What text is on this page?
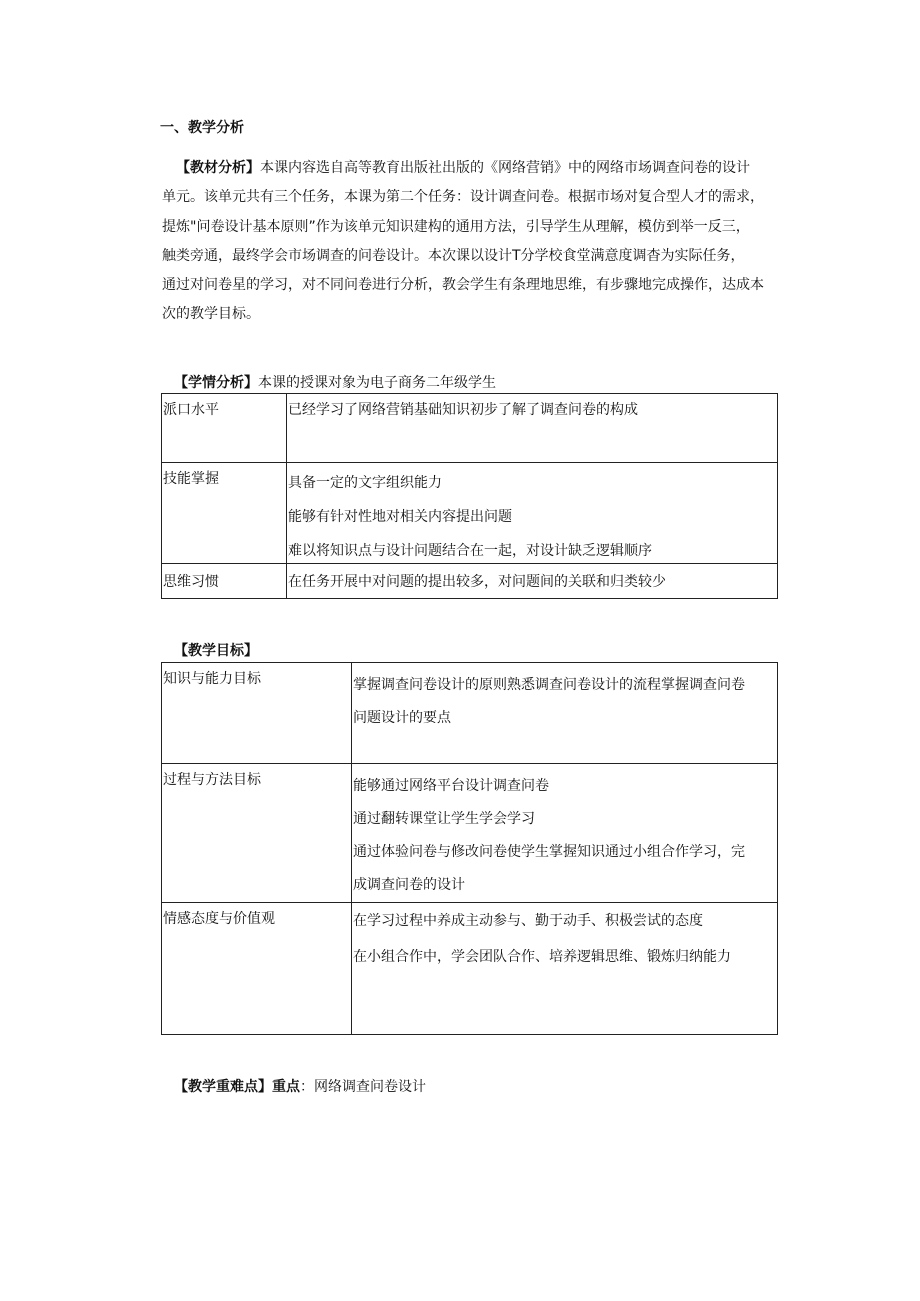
一、教学分析

【教材分析】本课内容选自高等教育出版社出版的《网络营销》中的网络市场调查问卷的设计

单元。该单元共有三个任务，本课为第二个任务：设计调查问卷。根据市场对复合型人才的需求，

提炼"问卷设计基本原则”作为该单元知识建构的通用方法，引导学生从理解，模仿到举一反三，

触类旁通，最终学会市场调查的问卷设计。本次课以设计T分学校食堂满意度调杳为实际任务，

通过对问卷星的学习，对不同问卷进行分析，教会学生有条理地思维，有步骤地完成操作，达成本

次的教学目标。

【学情分析】本课的授课对象为电子商务二年级学生
派口水平	已经学习了网络营销基础知识初步了解了调查问卷的构成

技能掌握	具备一定的文字组织能力
能够有针对性地对相关内容提出问题
难以将知识点与设计问题结合在一起，对设计缺乏逻辑顺序

思维习惯	在任务开展中对问题的提出较多，对问题间的关联和归类较少
【教学目标】
知识与能力目标	掌握调查问卷设计的原则熟悉调查问卷设计的流程掌握调查问卷
问题设计的要点

过程与方法目标	能够通过网络平台设计调查问卷
通过翻转课堂让学生学会学习
通过体验问卷与修改问卷使学生掌握知识通过小组合作学习，完
成调查问卷的设计

情感态度与价值观	在学习过程中养成主动参与、勤于动手、积极尝试的态度
在小组合作中，学会团队合作、培养逻辑思维、锻炼归纳能力
【教学重难点】重点：网络调查问卷设计
